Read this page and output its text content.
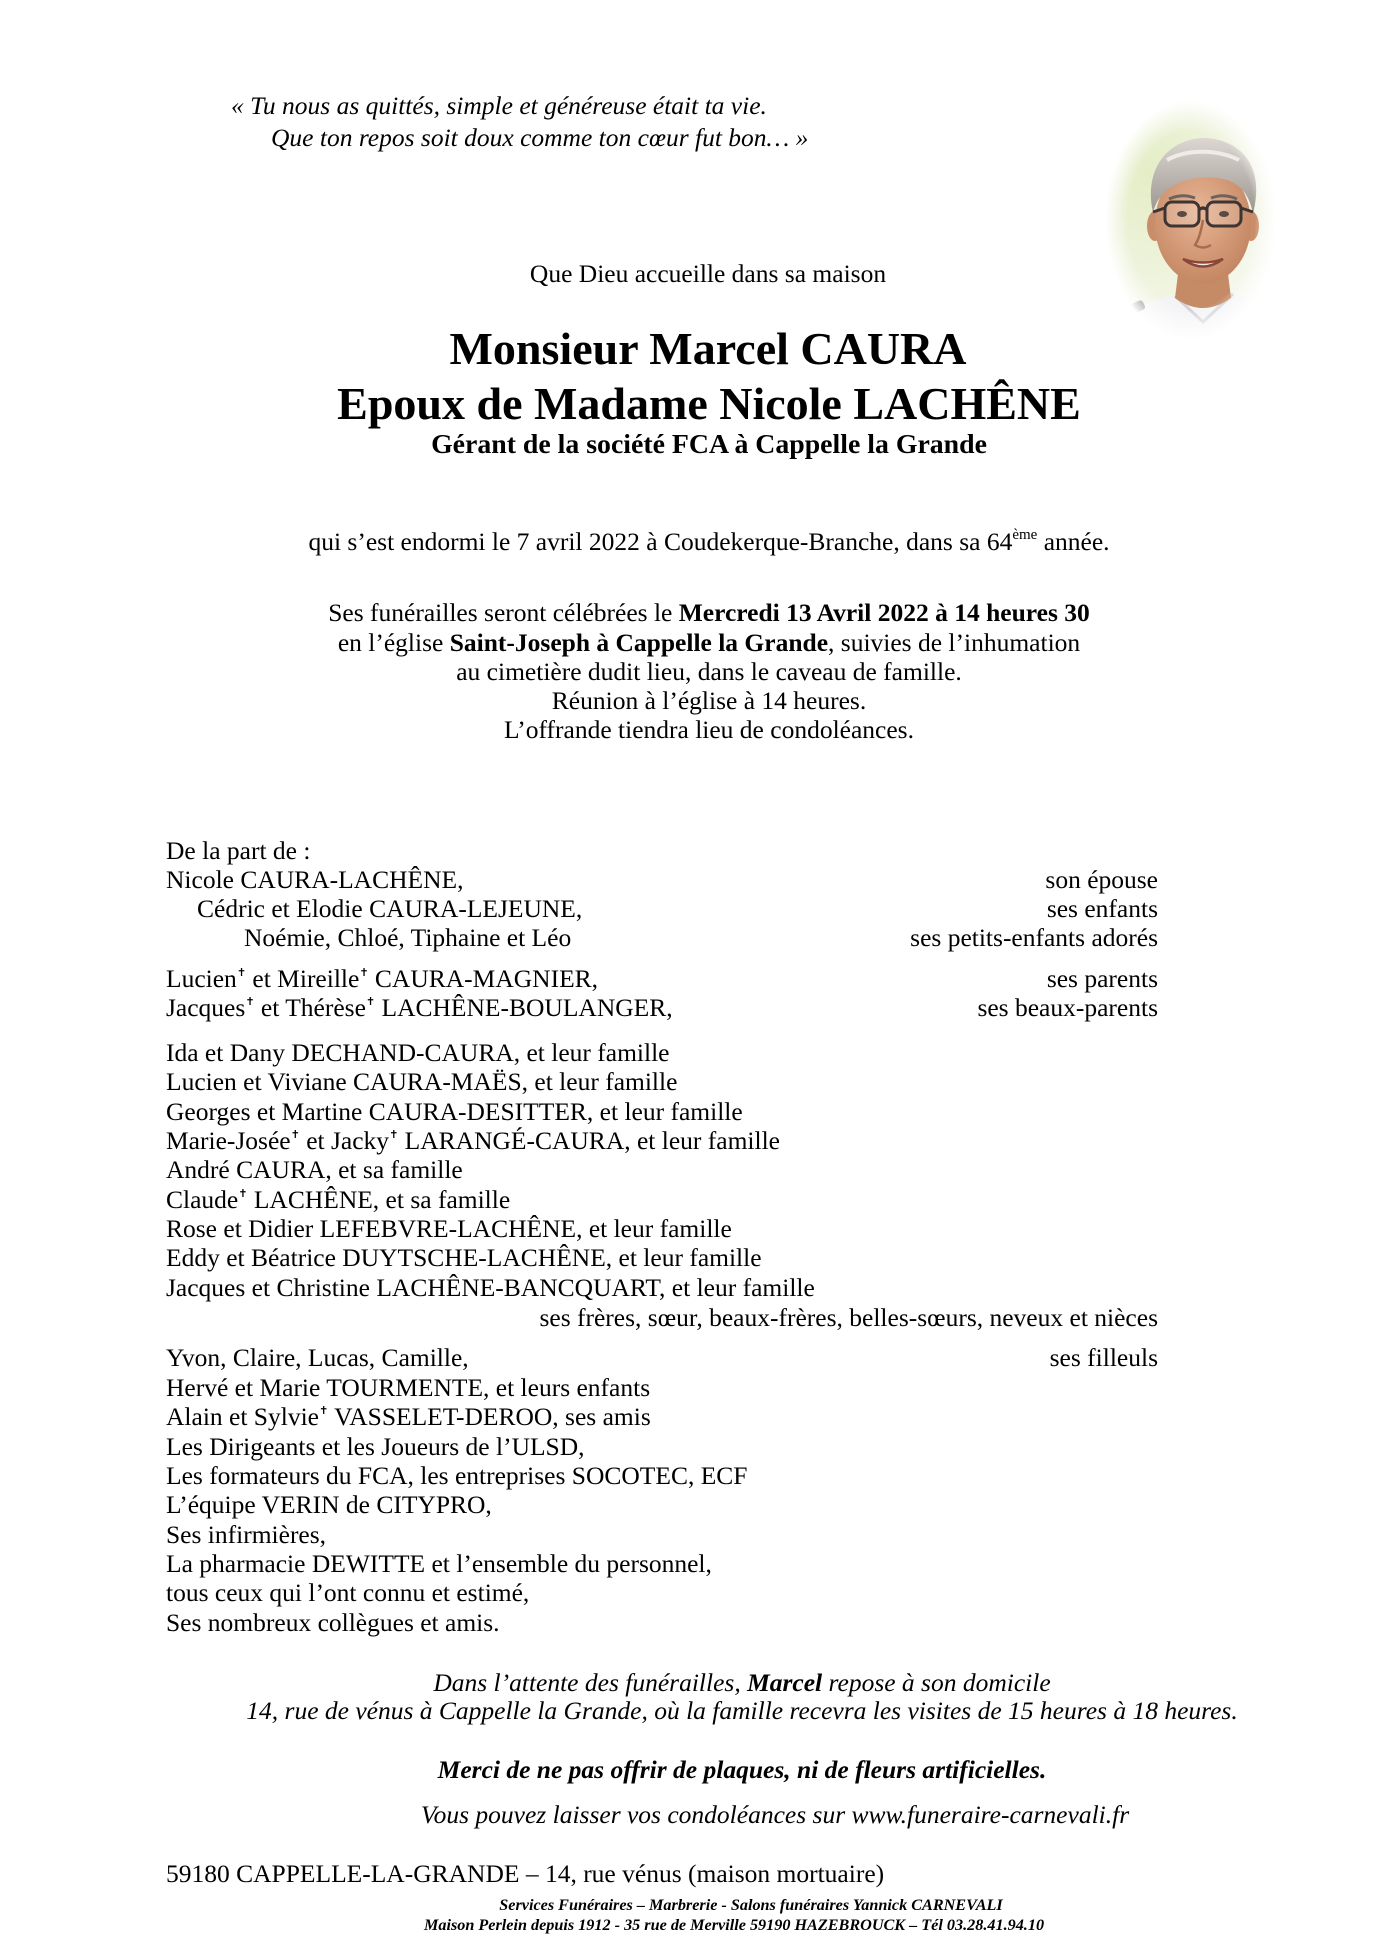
« Tu nous as quittés, simple et généreuse était ta vie.
Que ton repos soit doux comme ton cœur fut bon… »
Que Dieu accueille dans sa maison
Monsieur Marcel CAURA
Epoux de Madame Nicole LACHÊNE
Gérant de la société FCA à Cappelle la Grande
qui s’est endormi le 7 avril 2022 à Coudekerque-Branche, dans sa 64ème année.
Ses funérailles seront célébrées le Mercredi 13 Avril 2022 à 14 heures 30
en l’église Saint-Joseph à Cappelle la Grande, suivies de l’inhumation
au cimetière dudit lieu, dans le caveau de famille.
Réunion à l’église à 14 heures.
L’offrande tiendra lieu de condoléances.
De la part de :
Nicole CAURA-LACHÊNE,	son épouse
Cédric et Elodie CAURA-LEJEUNE,	ses enfants
Noémie, Chloé, Tiphaine et Léo	ses petits-enfants adorés
Lucien✝ et Mireille✝ CAURA-MAGNIER,	ses parents
Jacques✝ et Thérèse✝ LACHÊNE-BOULANGER,	ses beaux-parents
Ida et Dany DECHAND-CAURA, et leur famille
Lucien et Viviane CAURA-MAËS, et leur famille
Georges et Martine CAURA-DESITTER, et leur famille
Marie-Josée✝ et Jacky✝ LARANGÉ-CAURA, et leur famille
André CAURA, et sa famille
Claude✝ LACHÊNE, et sa famille
Rose et Didier LEFEBVRE-LACHÊNE, et leur famille
Eddy et Béatrice DUYTSCHE-LACHÊNE, et leur famille
Jacques et Christine LACHÊNE-BANCQUART, et leur famille
ses frères, sœur, beaux-frères, belles-sœurs, neveux et nièces
Yvon, Claire, Lucas, Camille,	ses filleuls
Hervé et Marie TOURMENTE, et leurs enfants
Alain et Sylvie✝ VASSELET-DEROO, ses amis
Les Dirigeants et les Joueurs de l’ULSD,
Les formateurs du FCA, les entreprises SOCOTEC, ECF
L’équipe VERIN de CITYPRO,
Ses infirmières,
La pharmacie DEWITTE et l’ensemble du personnel,
tous ceux qui l’ont connu et estimé,
Ses nombreux collègues et amis.
Dans l’attente des funérailles, Marcel repose à son domicile
14, rue de vénus à Cappelle la Grande, où la famille recevra les visites de 15 heures à 18 heures.
Merci de ne pas offrir de plaques, ni de fleurs artificielles.
Vous pouvez laisser vos condoléances sur www.funeraire-carnevali.fr
59180 CAPPELLE-LA-GRANDE – 14, rue vénus (maison mortuaire)
Services Funéraires – Marbrerie - Salons funéraires Yannick CARNEVALI
Maison Perlein depuis 1912 - 35 rue de Merville 59190 HAZEBROUCK – Tél 03.28.41.94.10
